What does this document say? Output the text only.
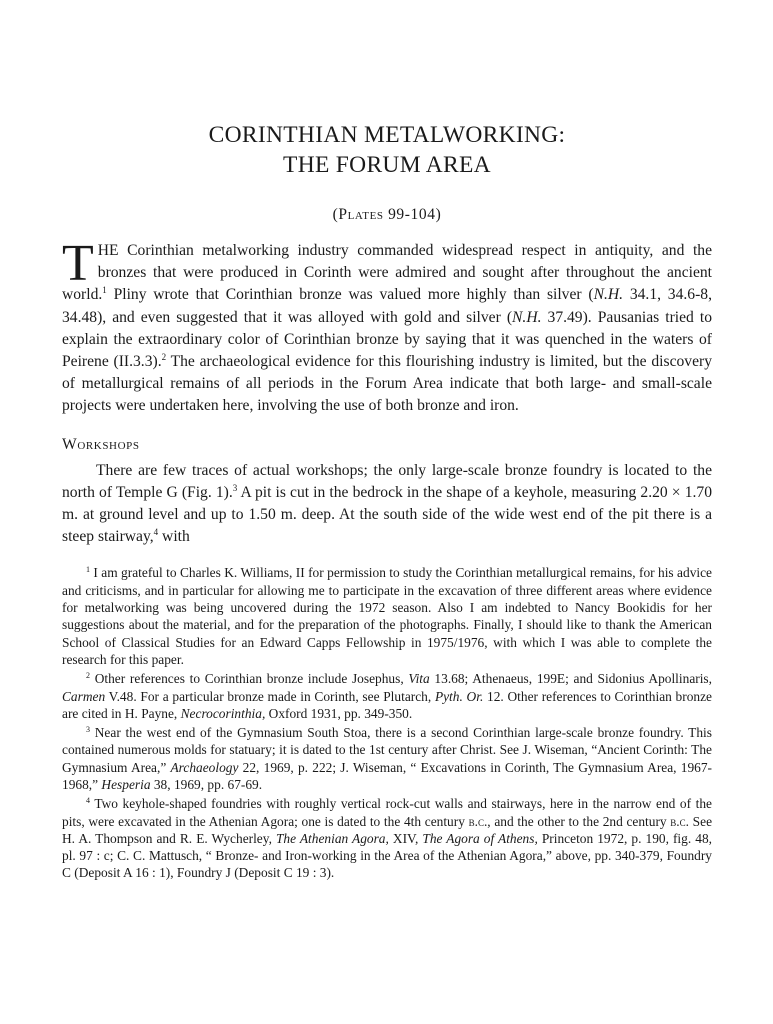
CORINTHIAN METALWORKING:
THE FORUM AREA
(Plates 99-104)

THE Corinthian metalworking industry commanded widespread respect in antiquity, and the bronzes that were produced in Corinth were admired and sought after throughout the ancient world.$^1$ Pliny wrote that Corinthian bronze was valued more highly than silver (N.H. 34.1, 34.6-8, 34.48), and even suggested that it was alloyed with gold and silver (N.H. 37.49). Pausanias tried to explain the extraordinary color of Corinthian bronze by saying that it was quenched in the waters of Peirene (II.3.3).$^2$ The archaeological evidence for this flourishing industry is limited, but the discovery of metallurgical remains of all periods in the Forum Area indicate that both large- and small-scale projects were undertaken here, involving the use of both bronze and iron.

Workshops

There are few traces of actual workshops; the only large-scale bronze foundry is located to the north of Temple G (Fig. 1).$^3$ A pit is cut in the bedrock in the shape of a keyhole, measuring 2.20 × 1.70 m. at ground level and up to 1.50 m. deep. At the south side of the wide west end of the pit there is a steep stairway,$^4$ with

$^1$ I am grateful to Charles K. Williams, II for permission to study the Corinthian metallurgical remains, for his advice and criticisms, and in particular for allowing me to participate in the excavation of three different areas where evidence for metalworking was being uncovered during the 1972 season. Also I am indebted to Nancy Bookidis for her suggestions about the material, and for the preparation of the photographs. Finally, I should like to thank the American School of Classical Studies for an Edward Capps Fellowship in 1975/1976, with which I was able to complete the research for this paper.

$^2$ Other references to Corinthian bronze include Josephus, Vita 13.68; Athenaeus, 199E; and Sidonius Apollinaris, Carmen V.48. For a particular bronze made in Corinth, see Plutarch, Pyth. Or. 12. Other references to Corinthian bronze are cited in H. Payne, Necrocorinthia, Oxford 1931, pp. 349-350.

$^3$ Near the west end of the Gymnasium South Stoa, there is a second Corinthian large-scale bronze foundry. This contained numerous molds for statuary; it is dated to the 1st century after Christ. See J. Wiseman, “Ancient Corinth: The Gymnasium Area,” Archaeology 22, 1969, p. 222; J. Wiseman, “ Excavations in Corinth, The Gymnasium Area, 1967-1968,” Hesperia 38, 1969, pp. 67-69.

$^4$ Two keyhole-shaped foundries with roughly vertical rock-cut walls and stairways, here in the narrow end of the pits, were excavated in the Athenian Agora; one is dated to the 4th century b.c., and the other to the 2nd century b.c. See H. A. Thompson and R. E. Wycherley, The Athenian Agora, XIV, The Agora of Athens, Princeton 1972, p. 190, fig. 48, pl. 97 : c; C. C. Mattusch, “ Bronze- and Iron-working in the Area of the Athenian Agora,” above, pp. 340-379, Foundry C (Deposit A 16 : 1), Foundry J (Deposit C 19 : 3).
